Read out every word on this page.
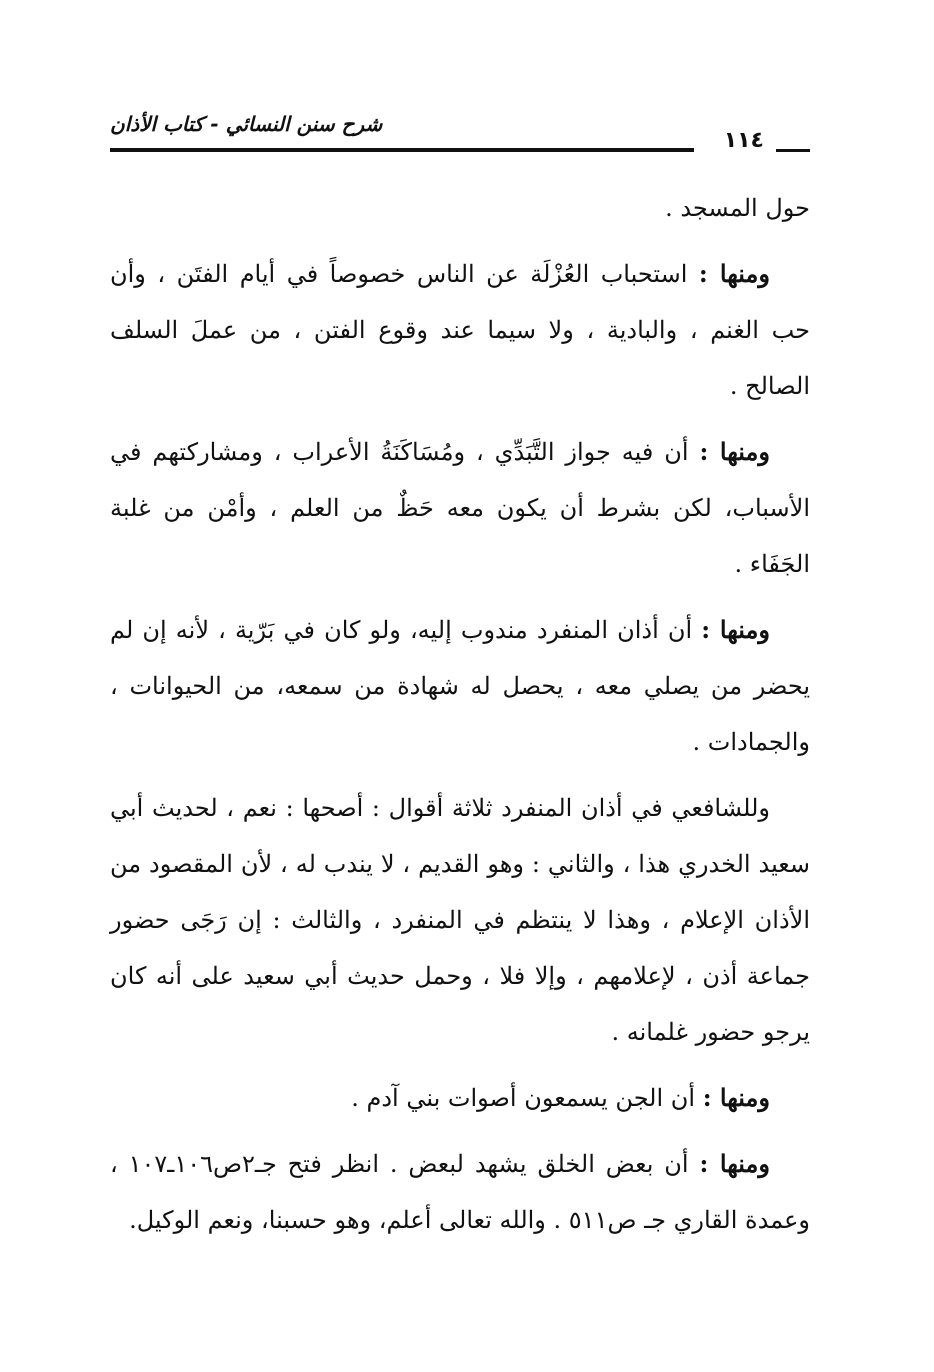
شرح سنن النسائي - كتاب الأذان
١١٤

حول المسجد .

ومنها : استحباب العُزْلَة عن الناس خصوصاً في أيام الفتَن ، وأن حب الغنم ، والبادية ، ولا سيما عند وقوع الفتن ، من عملَ السلف الصالح .

ومنها : أن فيه جواز التَّبَدِّي ، ومُسَاكَنَةُ الأعراب ، ومشاركتهم في الأسباب، لكن بشرط أن يكون معه حَظٌ من العلم ، وأمْن من غلبة الجَفَاء .

ومنها : أن أذان المنفرد مندوب إليه، ولو كان في بَرّية ، لأنه إن لم يحضر من يصلي معه ، يحصل له شهادة من سمعه، من الحيوانات ، والجمادات .

وللشافعي في أذان المنفرد ثلاثة أقوال : أصحها : نعم ، لحديث أبي سعيد الخدري هذا ، والثاني : وهو القديم ، لا يندب له ، لأن المقصود من الأذان الإعلام ، وهذا لا ينتظم في المنفرد ، والثالث : إن رَجَى حضور جماعة أذن ، لإعلامهم ، وإلا فلا ، وحمل حديث أبي سعيد على أنه كان يرجو حضور غلمانه .

ومنها : أن الجن يسمعون أصوات بني آدم .

ومنها : أن بعض الخلق يشهد لبعض . انظر فتح جـ٢ص١٠٦ـ١٠٧ ، وعمدة القاري جـ ص٥١١ . والله تعالى أعلم، وهو حسبنا، ونعم الوكيل.
